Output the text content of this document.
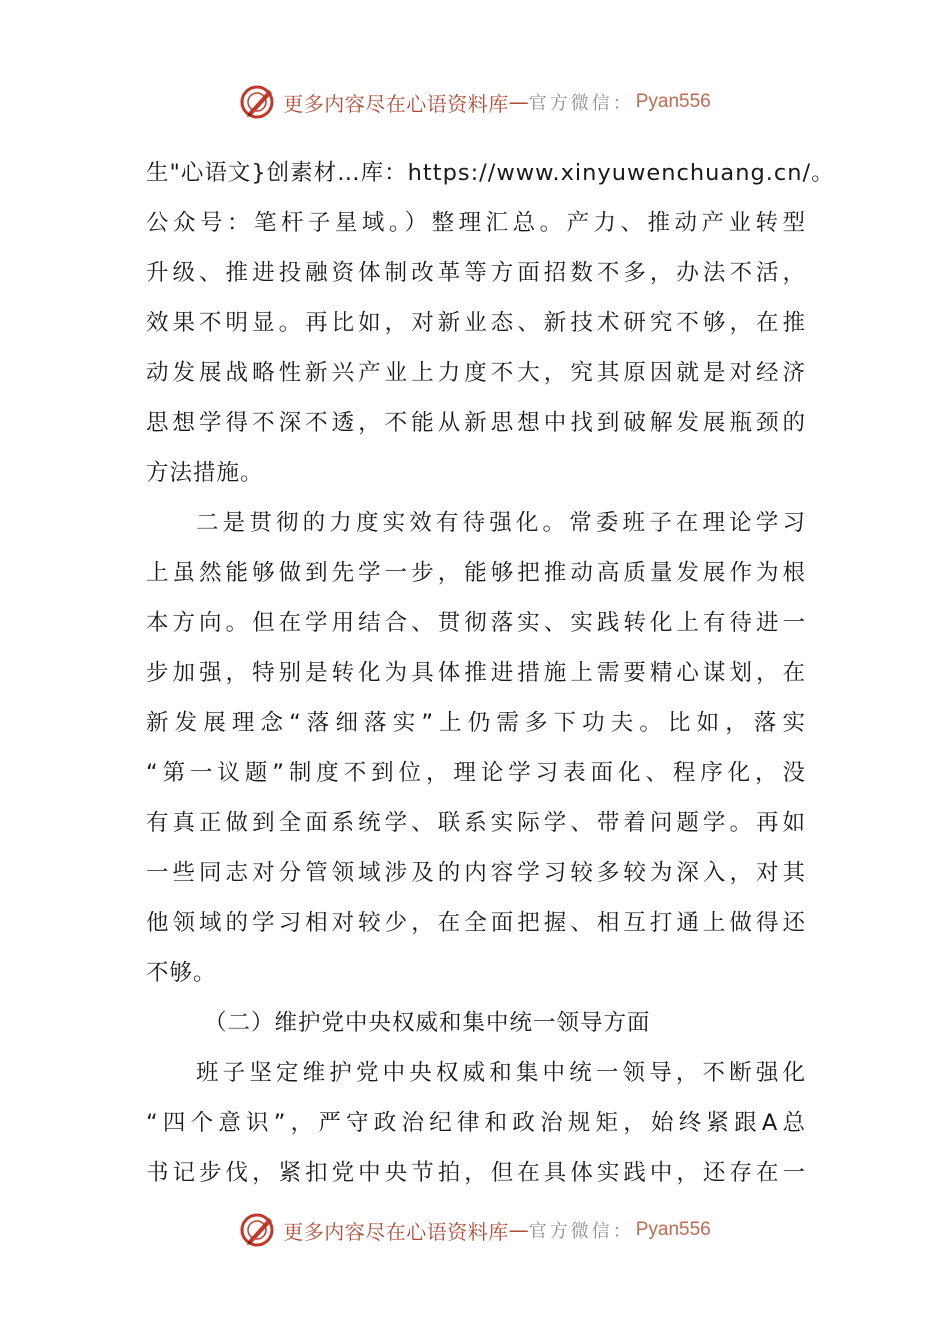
更多内容尽在心语资料库 — 官方微信： Pyan556
生"心语文}创素材…库：https://www.xinyuwenchuang.cn/。
公众号：笔杆子星域。）整理汇总。产力、推动产业转型
升级、推进投融资体制改革等方面招数不多，办法不活，
效果不明显。再比如，对新业态、新技术研究不够，在推
动发展战略性新兴产业上力度不大，究其原因就是对经济
思想学得不深不透，不能从新思想中找到破解发展瓶颈的
方法措施。
二是贯彻的力度实效有待强化。常委班子在理论学习
上虽然能够做到先学一步，能够把推动高质量发展作为根
本方向。但在学用结合、贯彻落实、实践转化上有待进一
步加强，特别是转化为具体推进措施上需要精心谋划，在
新发展理念“落细落实”上仍需多下功夫。比如，落实
“第一议题”制度不到位，理论学习表面化、程序化，没
有真正做到全面系统学、联系实际学、带着问题学。再如
一些同志对分管领域涉及的内容学习较多较为深入，对其
他领域的学习相对较少，在全面把握、相互打通上做得还
不够。
（二）维护党中央权威和集中统一领导方面
班子坚定维护党中央权威和集中统一领导，不断强化
“四个意识”，严守政治纪律和政治规矩，始终紧跟A总
书记步伐，紧扣党中央节拍，但在具体实践中，还存在一
更多内容尽在心语资料库 — 官方微信： Pyan556
